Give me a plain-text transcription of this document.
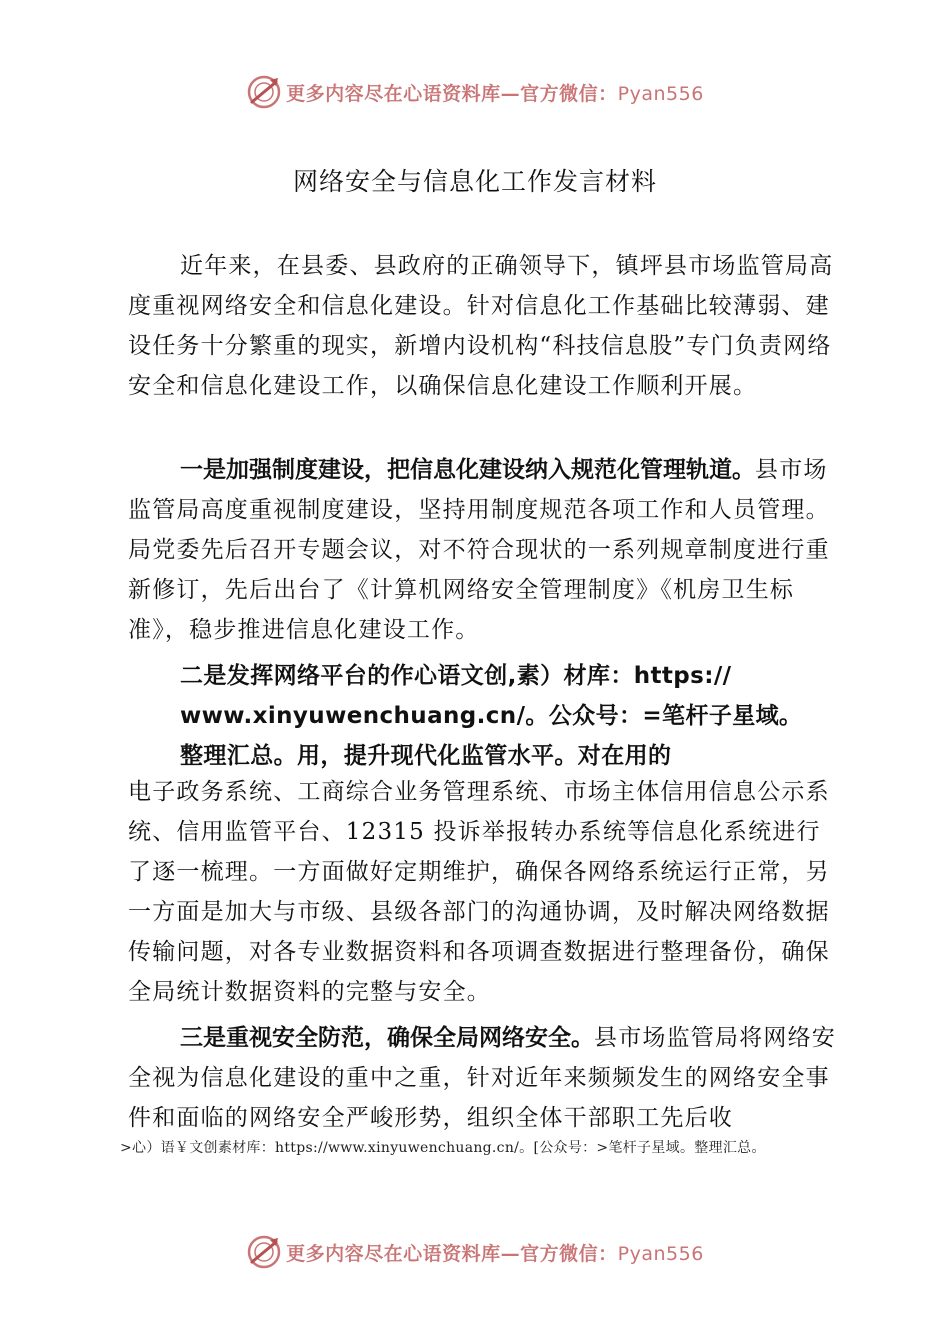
更多内容尽在心语资料库—官方微信：Pyan556
网络安全与信息化工作发言材料
近年来，在县委、县政府的正确领导下，镇坪县市场监管局高度重视网络安全和信息化建设。针对信息化工作基础比较薄弱、建设任务十分繁重的现实，新增内设机构“科技信息股”专门负责网络安全和信息化建设工作，以确保信息化建设工作顺利开展。
一是加强制度建设，把信息化建设纳入规范化管理轨道。县市场监管局高度重视制度建设，坚持用制度规范各项工作和人员管理。局党委先后召开专题会议，对不符合现状的一系列规章制度进行重新修订，先后出台了《计算机网络安全管理制度》《机房卫生标准》，稳步推进信息化建设工作。
二是发挥网络平台的作心语文创,素）材库：https://
www.xinyuwenchuang.cn/。公众号：=笔杆子星域。
整理汇总。用，提升现代化监管水平。对在用的
电子政务系统、工商综合业务管理系统、市场主体信用信息公示系统、信用监管平台、12315 投诉举报转办系统等信息化系统进行了逐一梳理。一方面做好定期维护，确保各网络系统运行正常，另一方面是加大与市级、县级各部门的沟通协调，及时解决网络数据传输问题，对各专业数据资料和各项调查数据进行整理备份，确保全局统计数据资料的完整与安全。
三是重视安全防范，确保全局网络安全。县市场监管局将网络安全视为信息化建设的重中之重，针对近年来频频发生的网络安全事件和面临的网络安全严峻形势，组织全体干部职工先后收
>心）语￥文创素材库：https://www.xinyuwenchuang.cn/。[公众号：>笔杆子星域。整理汇总。
更多内容尽在心语资料库—官方微信：Pyan556
